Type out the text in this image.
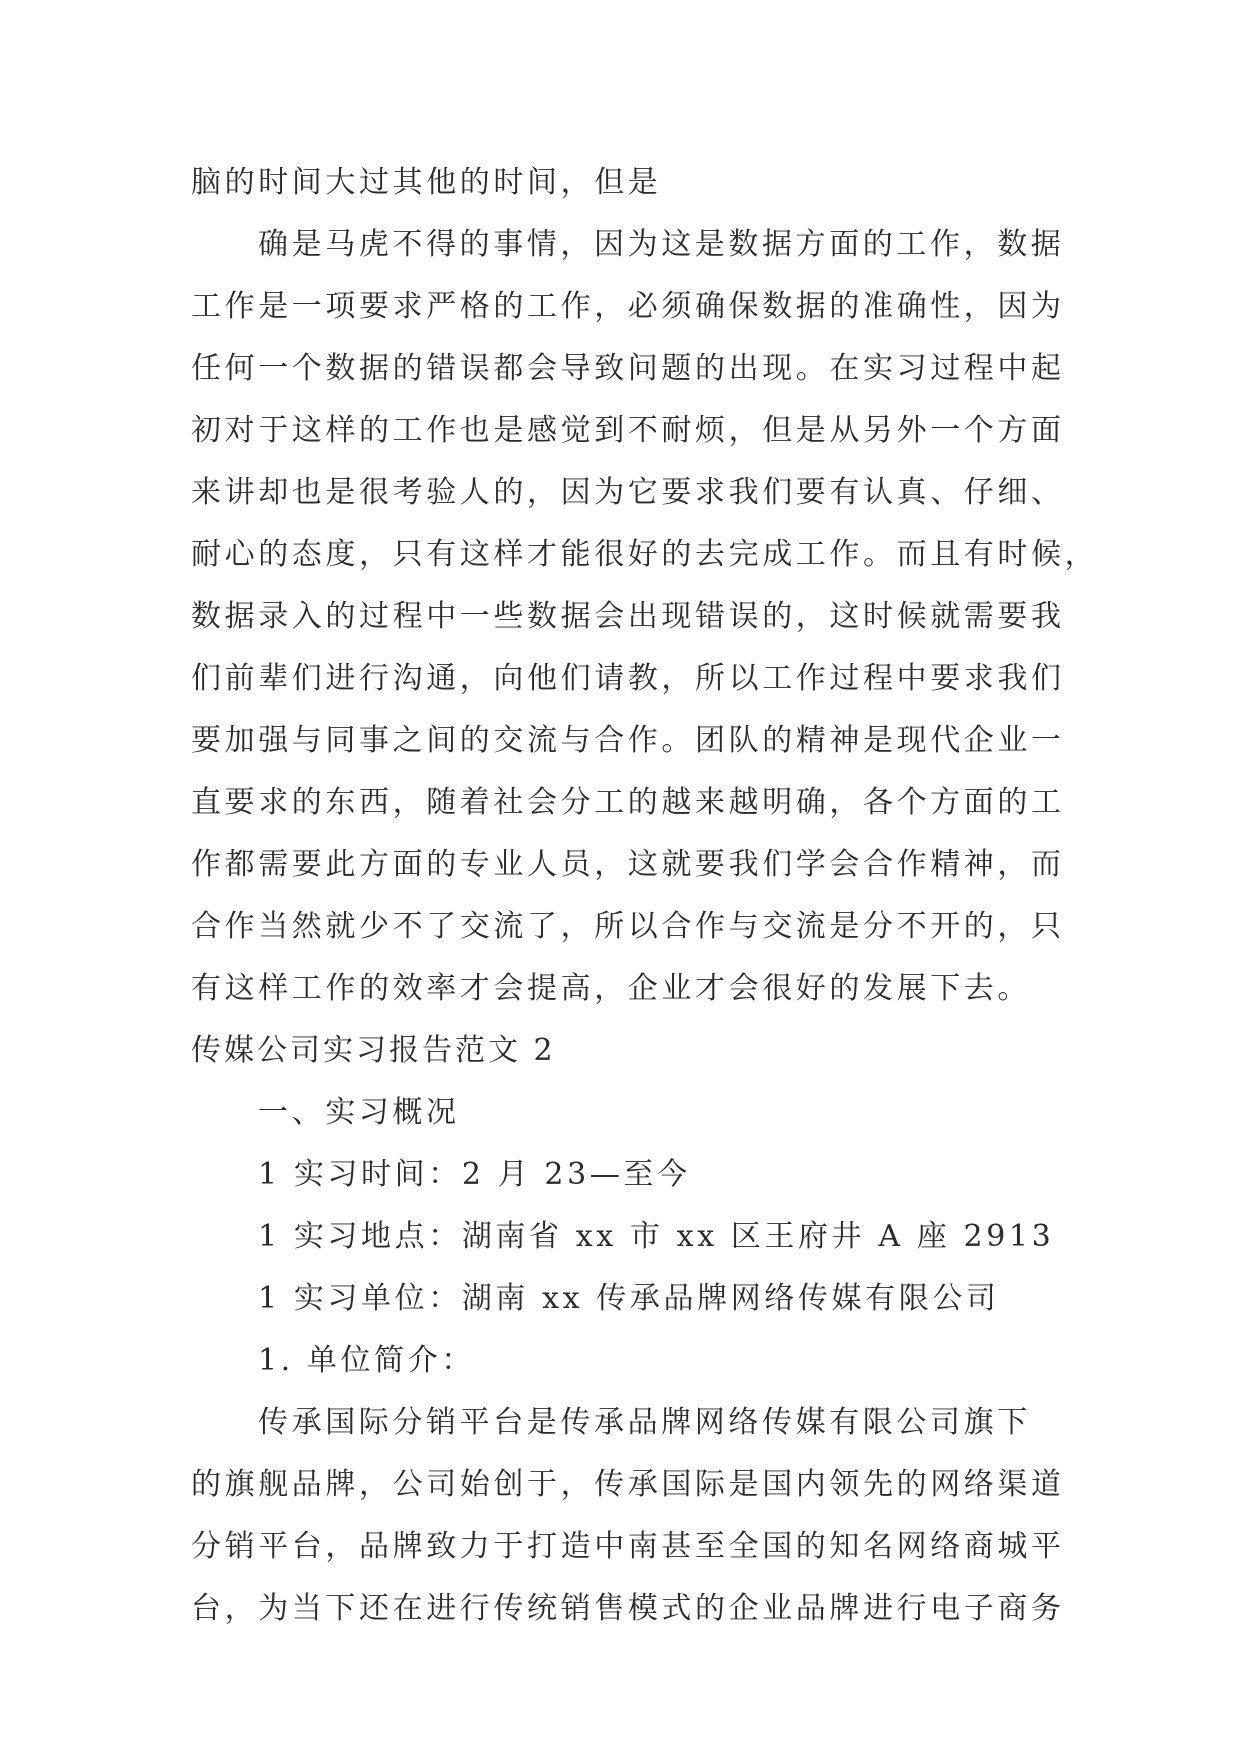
脑的时间大过其他的时间，但是
确是马虎不得的事情，因为这是数据方面的工作，数据
工作是一项要求严格的工作，必须确保数据的准确性，因为
任何一个数据的错误都会导致问题的出现。在实习过程中起
初对于这样的工作也是感觉到不耐烦，但是从另外一个方面
来讲却也是很考验人的，因为它要求我们要有认真、仔细、
耐心的态度，只有这样才能很好的去完成工作。而且有时候，
数据录入的过程中一些数据会出现错误的，这时候就需要我
们前辈们进行沟通，向他们请教，所以工作过程中要求我们
要加强与同事之间的交流与合作。团队的精神是现代企业一
直要求的东西，随着社会分工的越来越明确，各个方面的工
作都需要此方面的专业人员，这就要我们学会合作精神，而
合作当然就少不了交流了，所以合作与交流是分不开的，只
有这样工作的效率才会提高，企业才会很好的发展下去。
传媒公司实习报告范文 2
一、实习概况
1 实习时间：2 月 23—至今
1 实习地点：湖南省 xx 市 xx 区王府井 A 座 2913
1 实习单位：湖南 xx 传承品牌网络传媒有限公司
1. 单位简介：
传承国际分销平台是传承品牌网络传媒有限公司旗下
的旗舰品牌，公司始创于，传承国际是国内领先的网络渠道
分销平台，品牌致力于打造中南甚至全国的知名网络商城平
台，为当下还在进行传统销售模式的企业品牌进行电子商务
